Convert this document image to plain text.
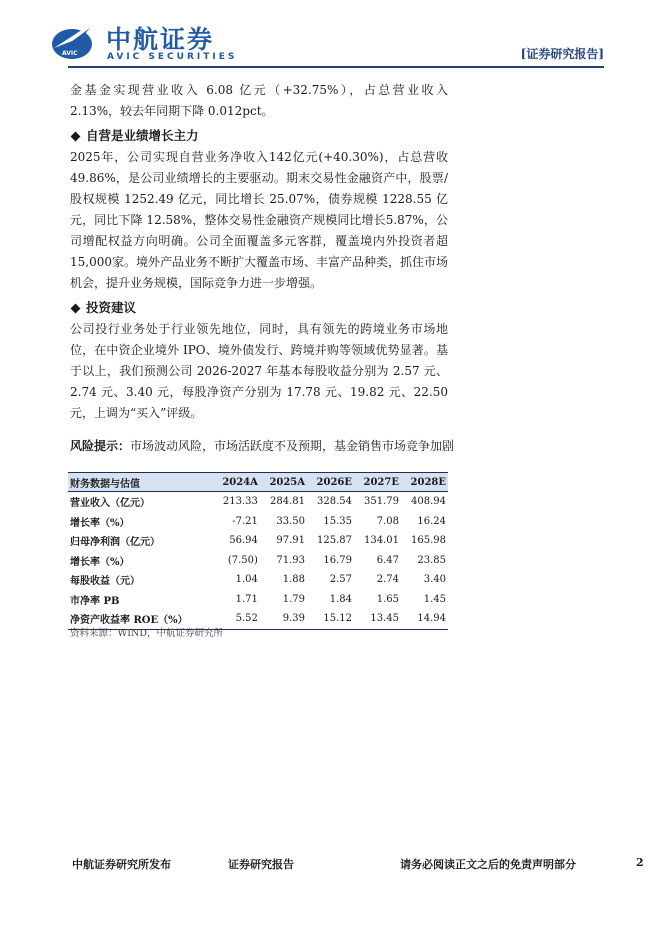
AVIC 中航证券
AVIC SECURITIES	[证券研究报告]

金基金实现营业收入 6.08 亿元（+32.75%），占总营业收入 2.13%，较去年同期下降 0.012pct。

自营是业绩增长主力

2025年，公司实现自营业务净收入142亿元(+40.30%)，占总营收49.86%，是公司业绩增长的主要驱动。期末交易性金融资产中，股票/股权规模 1252.49 亿元，同比增长 25.07%，债券规模 1228.55 亿元，同比下降 12.58%，整体交易性金融资产规模同比增长5.87%，公司增配权益方向明确。公司全面覆盖多元客群，覆盖境内外投资者超15,000家。境外产品业务不断扩大覆盖市场、丰富产品种类，抓住市场机会，提升业务规模，国际竞争力进一步增强。

投资建议

公司投行业务处于行业领先地位，同时，具有领先的跨境业务市场地位，在中资企业境外 IPO、境外债发行、跨境并购等领域优势显著。基于以上，我们预测公司 2026-2027 年基本每股收益分别为 2.57 元、2.74 元、3.40 元，每股净资产分别为 17.78 元、19.82 元、22.50 元，上调为“买入”评级。

风险提示：市场波动风险，市场活跃度不及预期，基金销售市场竞争加剧
财务数据与估值	2024A	2025A	2026E	2027E	2028E
营业收入（亿元）	213.33	284.81	328.54	351.79	408.94
增长率（%）	-7.21	33.50	15.35	7.08	16.24
归母净利润（亿元）	56.94	97.91	125.87	134.01	165.98
增长率（%）	(7.50)	71.93	16.79	6.47	23.85
每股收益（元）	1.04	1.88	2.57	2.74	3.40
市净率 PB	1.71	1.79	1.84	1.65	1.45
净资产收益率 ROE（%）	5.52	9.39	15.12	13.45	14.94
资料来源：WIND，中航证券研究所
中航证券研究所发布	证券研究报告	请务必阅读正文之后的免责声明部分	2
